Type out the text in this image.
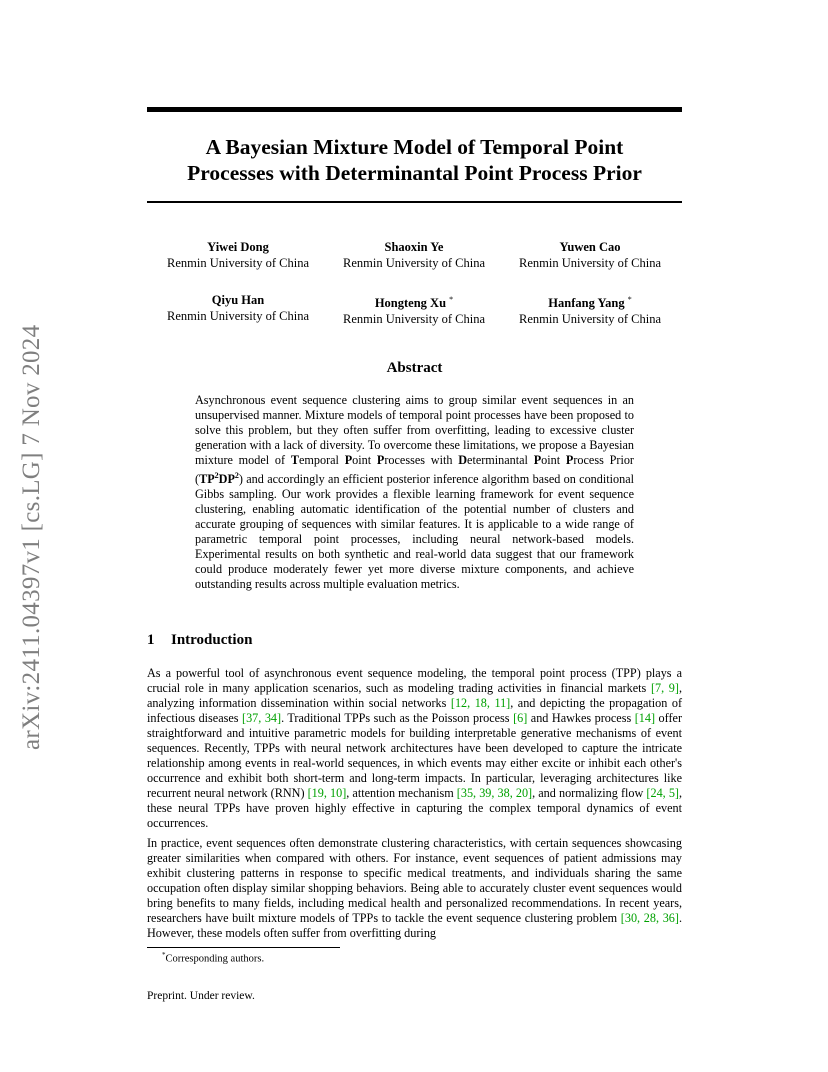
arXiv:2411.04397v1 [cs.LG] 7 Nov 2024
A Bayesian Mixture Model of Temporal Point
Processes with Determinantal Point Process Prior
Yiwei Dong
Renmin University of China
Shaoxin Ye
Renmin University of China
Yuwen Cao
Renmin University of China
Qiyu Han
Renmin University of China
Hongteng Xu *
Renmin University of China
Hanfang Yang *
Renmin University of China
Abstract
Asynchronous event sequence clustering aims to group similar event sequences in an unsupervised manner. Mixture models of temporal point processes have been proposed to solve this problem, but they often suffer from overfitting, leading to excessive cluster generation with a lack of diversity. To overcome these limitations, we propose a Bayesian mixture model of Temporal Point Processes with Determinantal Point Process Prior $(TP^2DP^2)$ and accordingly an efficient posterior inference algorithm based on conditional Gibbs sampling. Our work provides a flexible learning framework for event sequence clustering, enabling automatic identification of the potential number of clusters and accurate grouping of sequences with similar features. It is applicable to a wide range of parametric temporal point processes, including neural network-based models. Experimental results on both synthetic and real-world data suggest that our framework could produce moderately fewer yet more diverse mixture components, and achieve outstanding results across multiple evaluation metrics.
1 Introduction
As a powerful tool of asynchronous event sequence modeling, the temporal point process (TPP) plays a crucial role in many application scenarios, such as modeling trading activities in financial markets [7, 9], analyzing information dissemination within social networks [12, 18, 11], and depicting the propagation of infectious diseases [37, 34]. Traditional TPPs such as the Poisson process [6] and Hawkes process [14] offer straightforward and intuitive parametric models for building interpretable generative mechanisms of event sequences. Recently, TPPs with neural network architectures have been developed to capture the intricate relationship among events in real-world sequences, in which events may either excite or inhibit each other's occurrence and exhibit both short-term and long-term impacts. In particular, leveraging architectures like recurrent neural network (RNN) [19, 10], attention mechanism [35, 39, 38, 20], and normalizing flow [24, 5], these neural TPPs have proven highly effective in capturing the complex temporal dynamics of event occurrences.
In practice, event sequences often demonstrate clustering characteristics, with certain sequences showcasing greater similarities when compared with others. For instance, event sequences of patient admissions may exhibit clustering patterns in response to specific medical treatments, and individuals sharing the same occupation often display similar shopping behaviors. Being able to accurately cluster event sequences would bring benefits to many fields, including medical health and personalized recommendations. In recent years, researchers have built mixture models of TPPs to tackle the event sequence clustering problem [30, 28, 36]. However, these models often suffer from overfitting during
*Corresponding authors.
Preprint. Under review.
